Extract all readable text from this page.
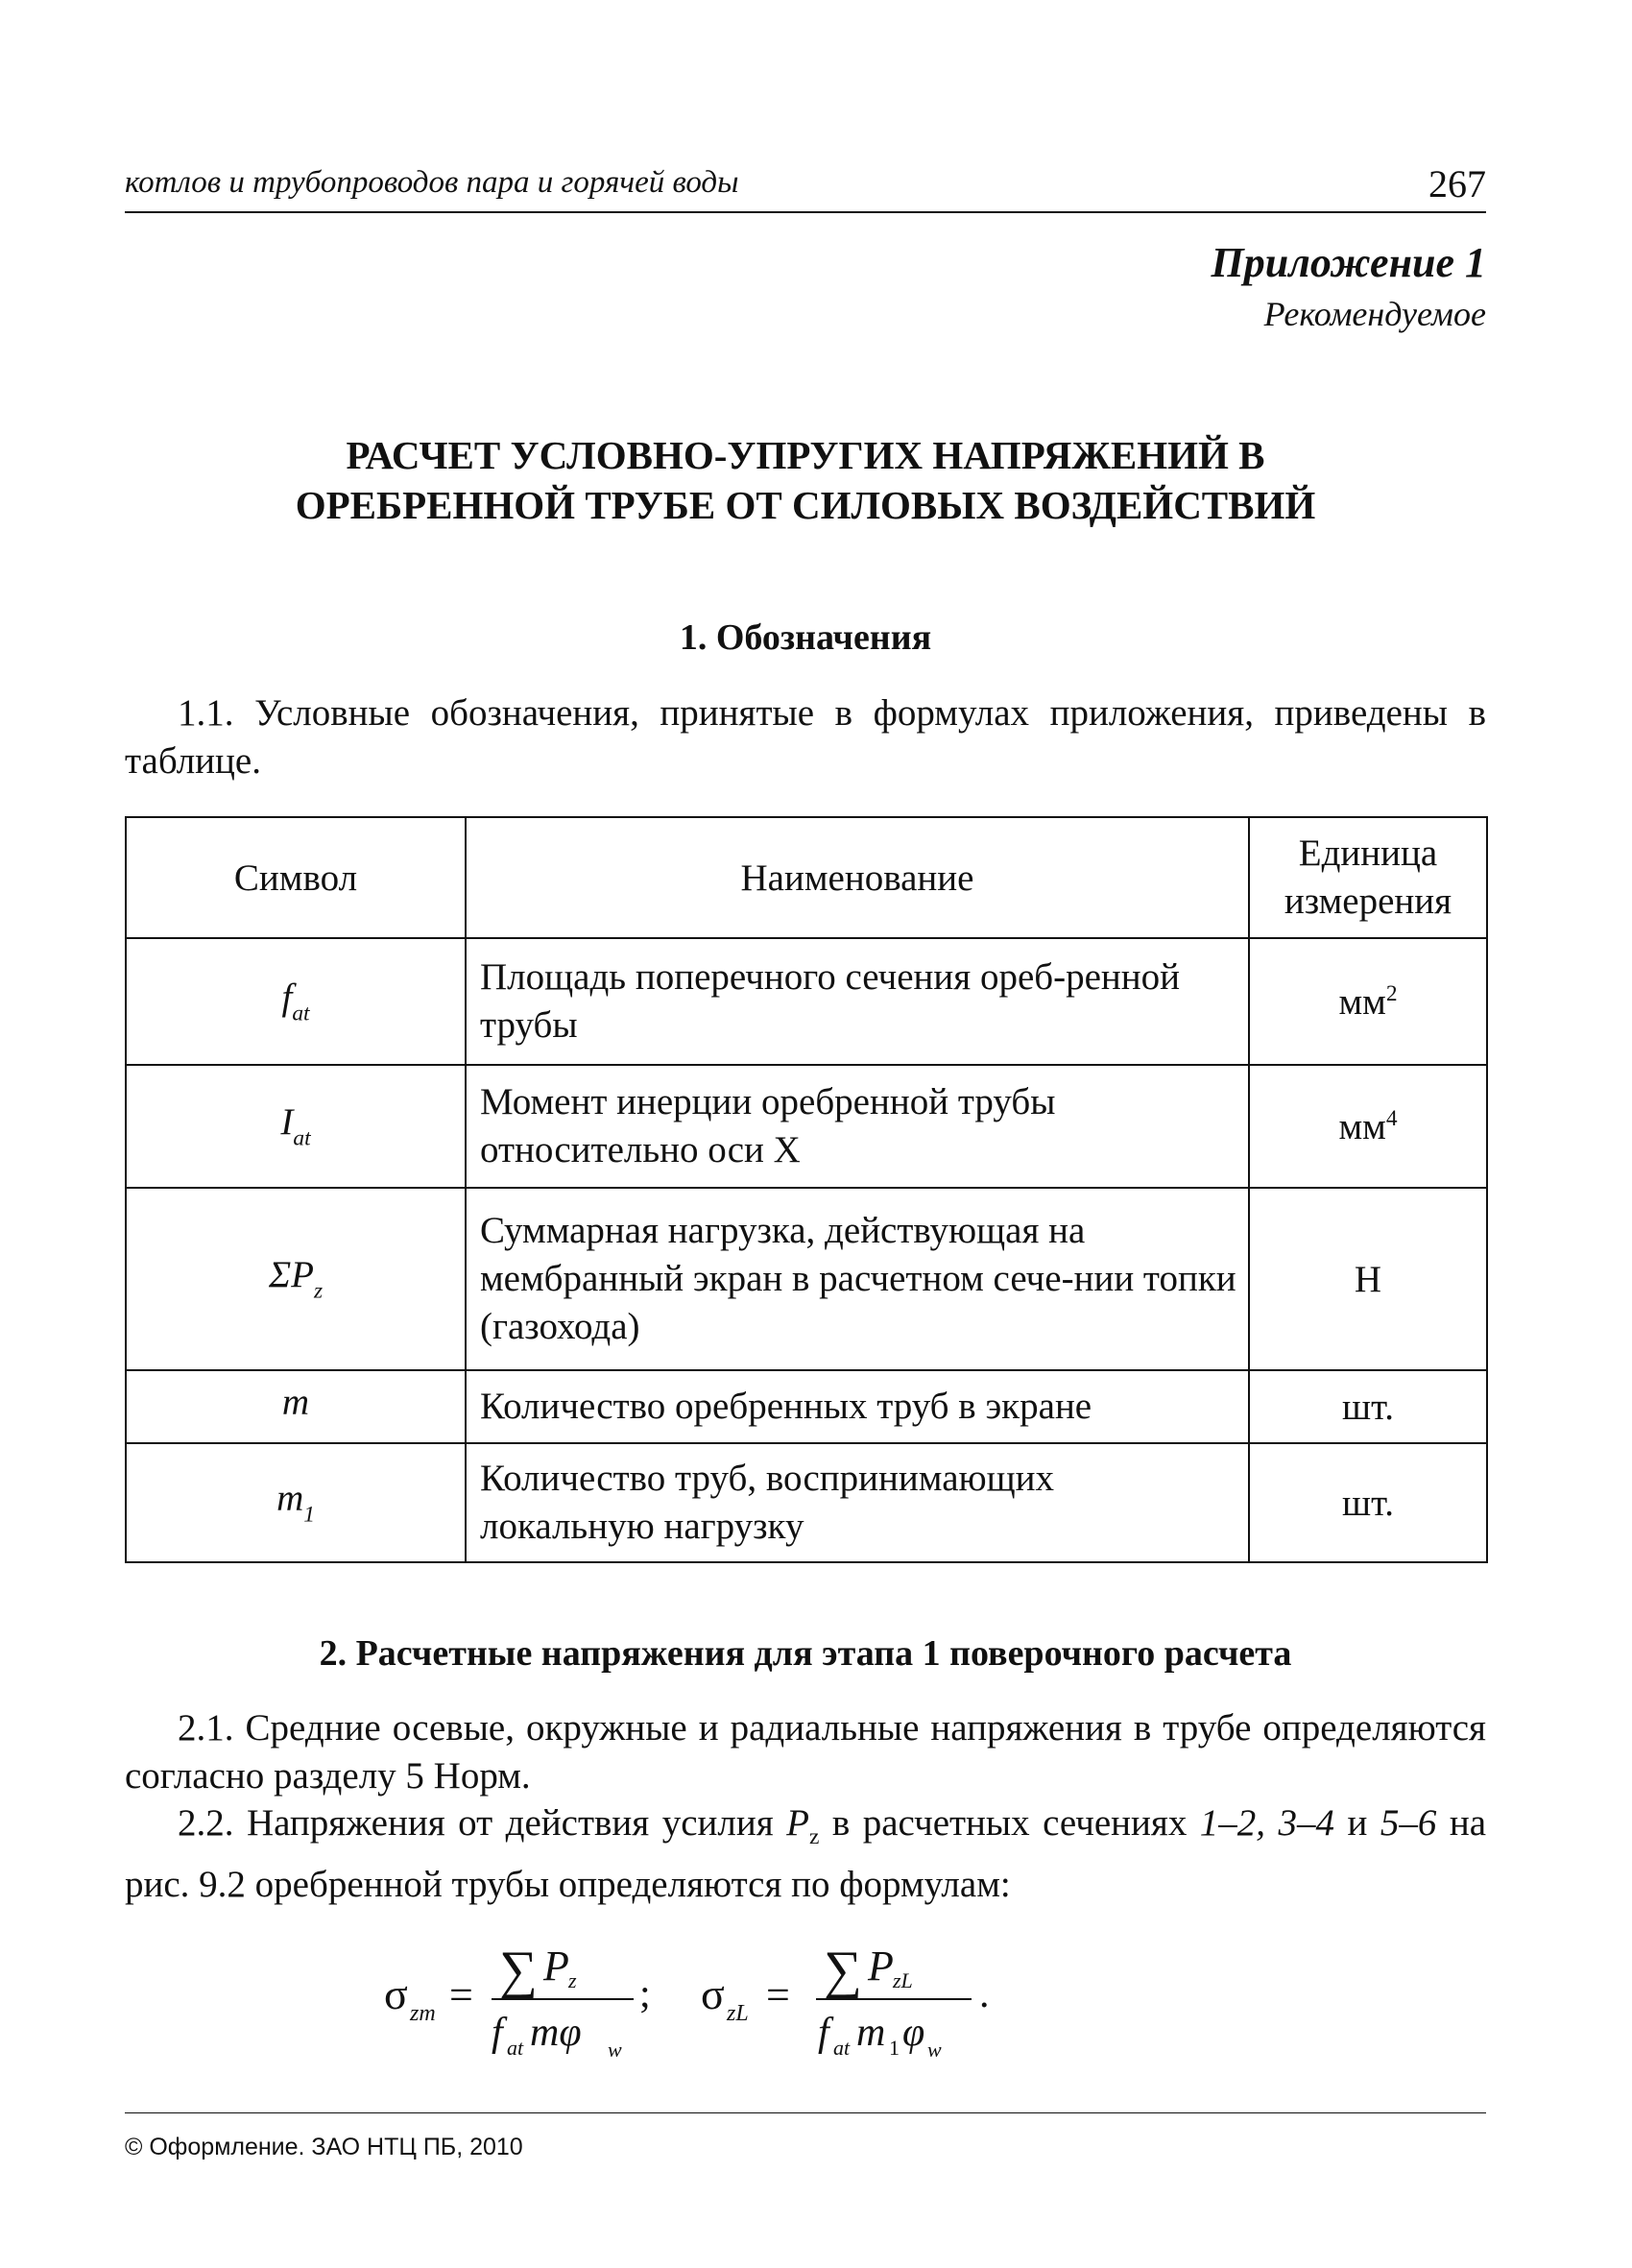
котлов и трубопроводов пара и горячей воды	267
Приложение 1
Рекомендуемое
РАСЧЕТ УСЛОВНО-УПРУГИХ НАПРЯЖЕНИЙ В
ОРЕБРЕННОЙ ТРУБЕ ОТ СИЛОВЫХ ВОЗДЕЙСТВИЙ
1. Обозначения
1.1. Условные обозначения, принятые в формулах приложения, приведены в таблице.
Символ	Наименование	Единица измерения
$f_{at}$	Площадь поперечного сечения ореб-ренной трубы	$мм^2$
$I_{at}$	Момент инерции оребренной трубы относительно оси X	$мм^4$
$\Sigma P_z$	Суммарная нагрузка, действующая на мембранный экран в расчетном сече-нии топки (газохода)	Н
m	Количество оребренных труб в экране	шт.
$m_1$	Количество труб, воспринимающих локальную нагрузку	шт.
2. Расчетные напряжения для этапа 1 поверочного расчета
2.1. Средние осевые, окружные и радиальные напряжения в трубе определяются согласно разделу 5 Норм.
2.2. Напряжения от действия усилия $P_z$ в расчетных сечениях 1–2, 3–4 и 5–6 на рис. 9.2 оребренной трубы определяются по формулам:
σ zm = ∑ P z
f at mφ w
; σ zL = ∑ P zL
f at m 1 φ w
.
© Оформление. ЗАО НТЦ ПБ, 2010
